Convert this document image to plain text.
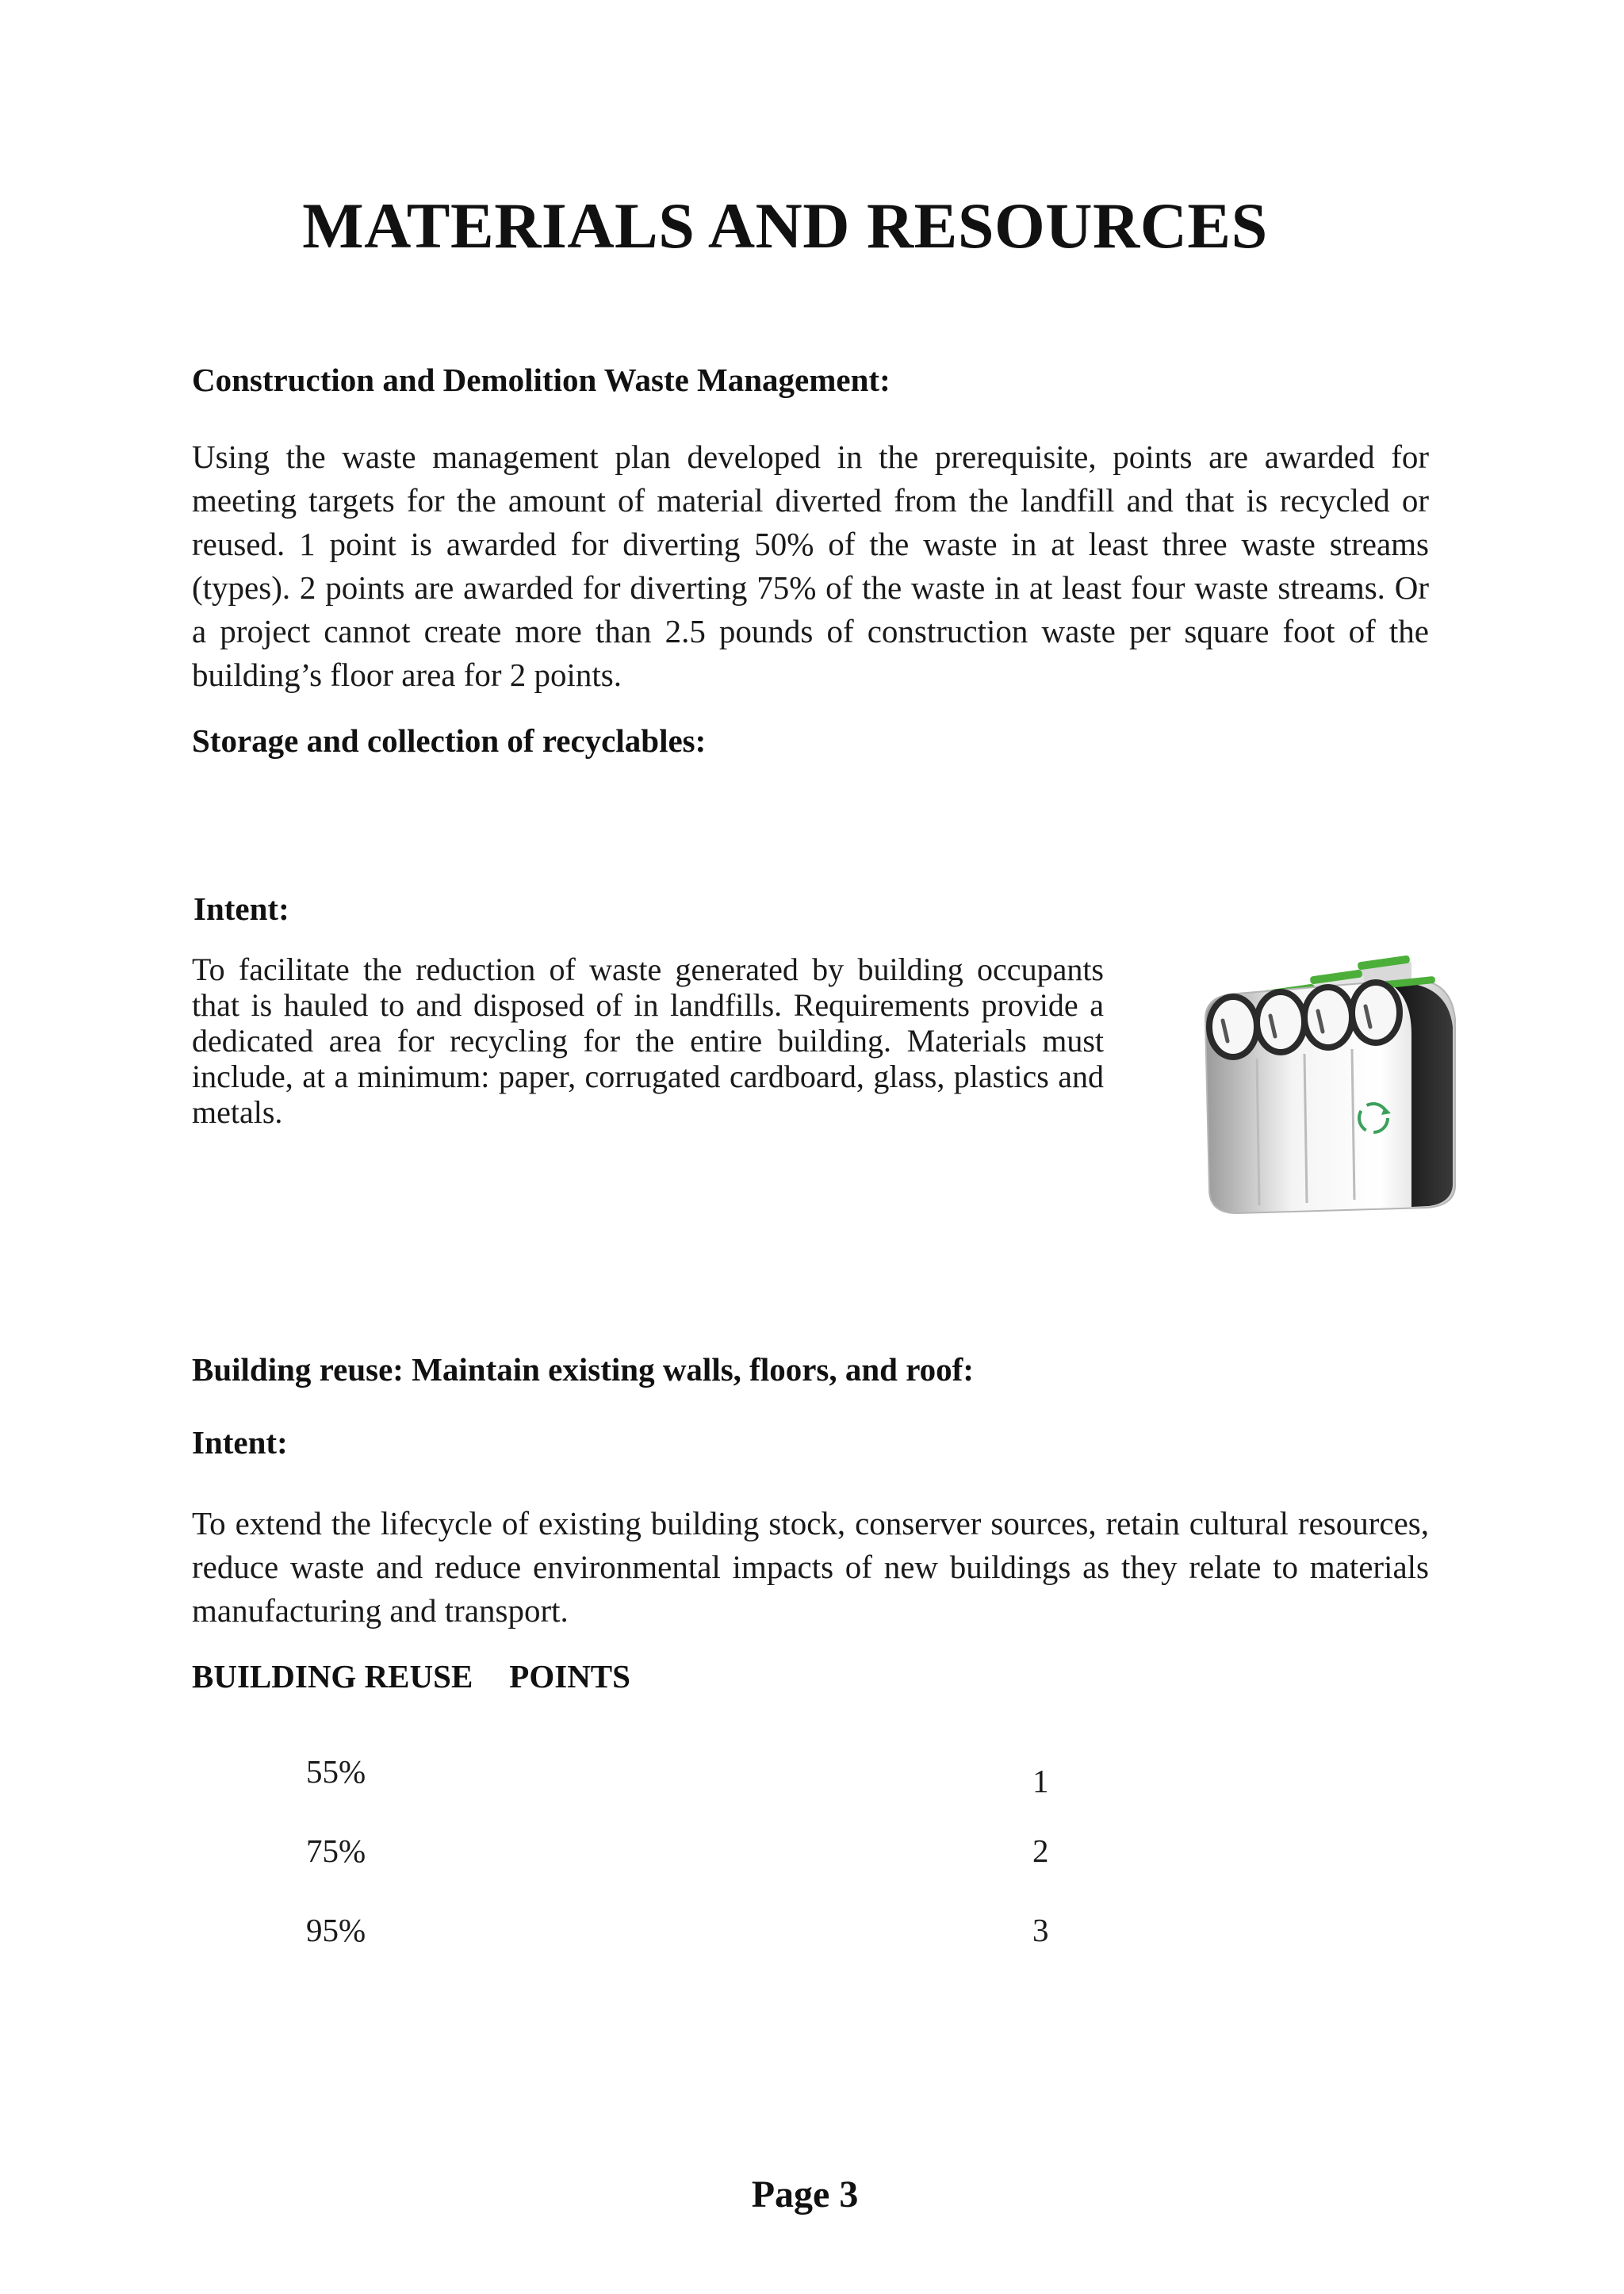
MATERIALS AND RESOURCES
Construction and Demolition Waste Management:

Using the waste management plan developed in the prerequisite, points are awarded for meeting targets for the amount of material diverted from the landfill and that is recycled or reused. 1 point is awarded for diverting 50% of the waste in at least three waste streams (types). 2 points are awarded for diverting 75% of the waste in at least four waste streams. Or a project cannot create more than 2.5 pounds of construction waste per square foot of the building’s floor area for 2 points.

Storage and collection of recyclables:
Intent:

To facilitate the reduction of waste generated by building occupants that is hauled to and disposed of in landfills. Requirements provide a dedicated area for recycling for the entire building. Materials must include, at a minimum: paper, corrugated cardboard, glass, plastics and metals.

Building reuse: Maintain existing walls, floors, and roof:
Intent:

To extend the lifecycle of existing building stock, conserver sources, retain cultural resources, reduce waste and reduce environmental impacts of new buildings as they relate to materials manufacturing and transport.

BUILDING REUSE POINTS
55%	1
75%	2
95%	3
Page 3
